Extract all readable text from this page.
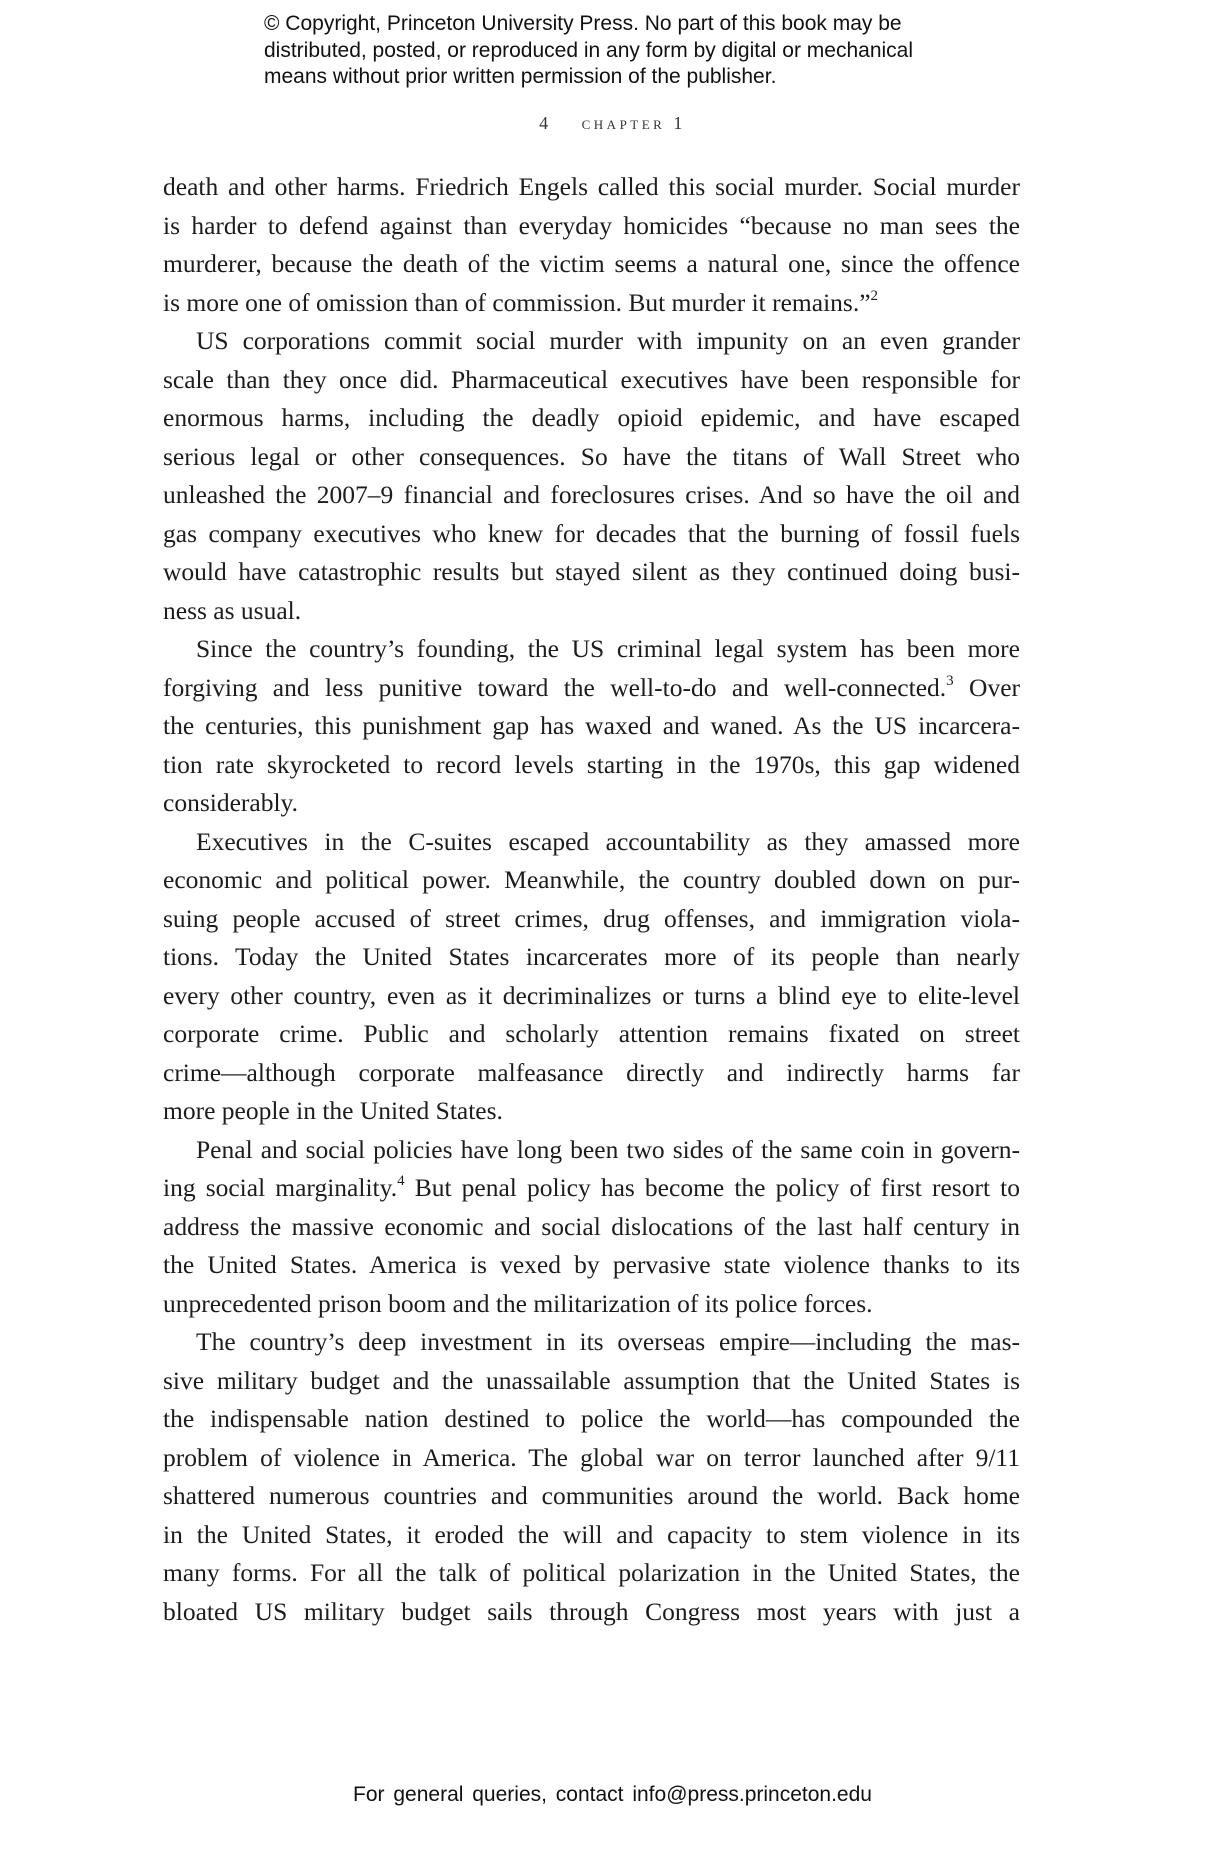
© Copyright, Princeton University Press. No part of this book may be
distributed, posted, or reproduced in any form by digital or mechanical
means without prior written permission of the publisher.
4 chapter 1

death and other harms. Friedrich Engels called this social murder. Social murder
is harder to defend against than everyday homicides “because no man sees the
murderer, because the death of the victim seems a natural one, since the offence
is more one of omission than of commission. But murder it remains.”$^2$

US corporations commit social murder with impunity on an even grander
scale than they once did. Pharmaceutical executives have been responsible for
enormous harms, including the deadly opioid epidemic, and have escaped
serious legal or other consequences. So have the titans of Wall Street who
unleashed the 2007–9 financial and foreclosures crises. And so have the oil and
gas company executives who knew for decades that the burning of fossil fuels
would have catastrophic results but stayed silent as they continued doing busi-
ness as usual.

Since the country’s founding, the US criminal legal system has been more
forgiving and less punitive toward the well-to-do and well-connected.$^3$ Over
the centuries, this punishment gap has waxed and waned. As the US incarcera-
tion rate skyrocketed to record levels starting in the 1970s, this gap widened
considerably.

Executives in the C-suites escaped accountability as they amassed more
economic and political power. Meanwhile, the country doubled down on pur-
suing people accused of street crimes, drug offenses, and immigration viola-
tions. Today the United States incarcerates more of its people than nearly
every other country, even as it decriminalizes or turns a blind eye to elite-level
corporate crime. Public and scholarly attention remains fixated on street
crime—although corporate malfeasance directly and indirectly harms far
more people in the United States.

Penal and social policies have long been two sides of the same coin in govern-
ing social marginality.$^4$ But penal policy has become the policy of first resort to
address the massive economic and social dislocations of the last half century in
the United States. America is vexed by pervasive state violence thanks to its
unprecedented prison boom and the militarization of its police forces.

The country’s deep investment in its overseas empire—including the mas-
sive military budget and the unassailable assumption that the United States is
the indispensable nation destined to police the world—has compounded the
problem of violence in America. The global war on terror launched after 9/11
shattered numerous countries and communities around the world. Back home
in the United States, it eroded the will and capacity to stem violence in its
many forms. For all the talk of political polarization in the United States, the
bloated US military budget sails through Congress most years with just a

For general queries, contact info@press.princeton.edu
